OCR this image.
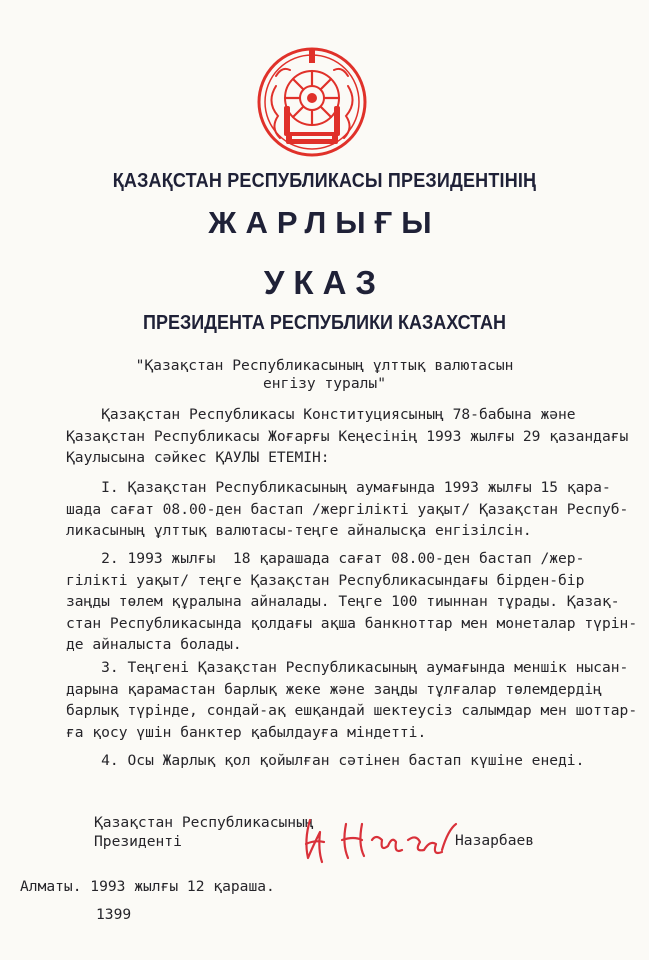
ҚАЗАҚСТАН РЕСПУБЛИКАСЫ ПРЕЗИДЕНТІНІҢ
ЖАРЛЫҒЫ
УКАЗ
ПРЕЗИДЕНТА РЕСПУБЛИКИ КАЗАХСТАН
"Қазақстан Республикасының ұлттық валютасын
енгізу туралы"
Қазақстан Республикасы Конституциясының 78-бабына және
Қазақстан Республикасы Жоғарғы Кеңесінің 1993 жылғы 29 қазандағы
Қаулысына сәйкес ҚАУЛЫ ЕТЕМІН:
І. Қазақстан Республикасының аумағында 1993 жылғы 15 қара-
шада сағат 08.00-ден бастап /жергілікті уақыт/ Қазақстан Респуб-
ликасының ұлттық валютасы-теңге айналысқа енгізілсін.
2. 1993 жылғы  18 қарашада сағат 08.00-ден бастап /жер-
гілікті уақыт/ теңге Қазақстан Республикасындағы бірден-бір
заңды төлем құралына айналады. Теңге 100 тиыннан тұрады. Қазақ-
стан Республикасында қолдағы ақша банкноттар мен монеталар түрін-
де айналыста болады.
3. Теңгені Қазақстан Республикасының аумағында меншік нысан-
дарына қарамастан барлық жеке және заңды тұлғалар төлемдердің
барлық түрінде, сондай-ақ ешқандай шектеусіз салымдар мен шоттар-
ға қосу үшін банктер қабылдауға міндетті.
4. Осы Жарлық қол қойылған сәтінен бастап күшіне енеді.
Қазақстан Республикасының
Президенті	Назарбаев
Алматы. 1993 жылғы 12 қараша.
1399
